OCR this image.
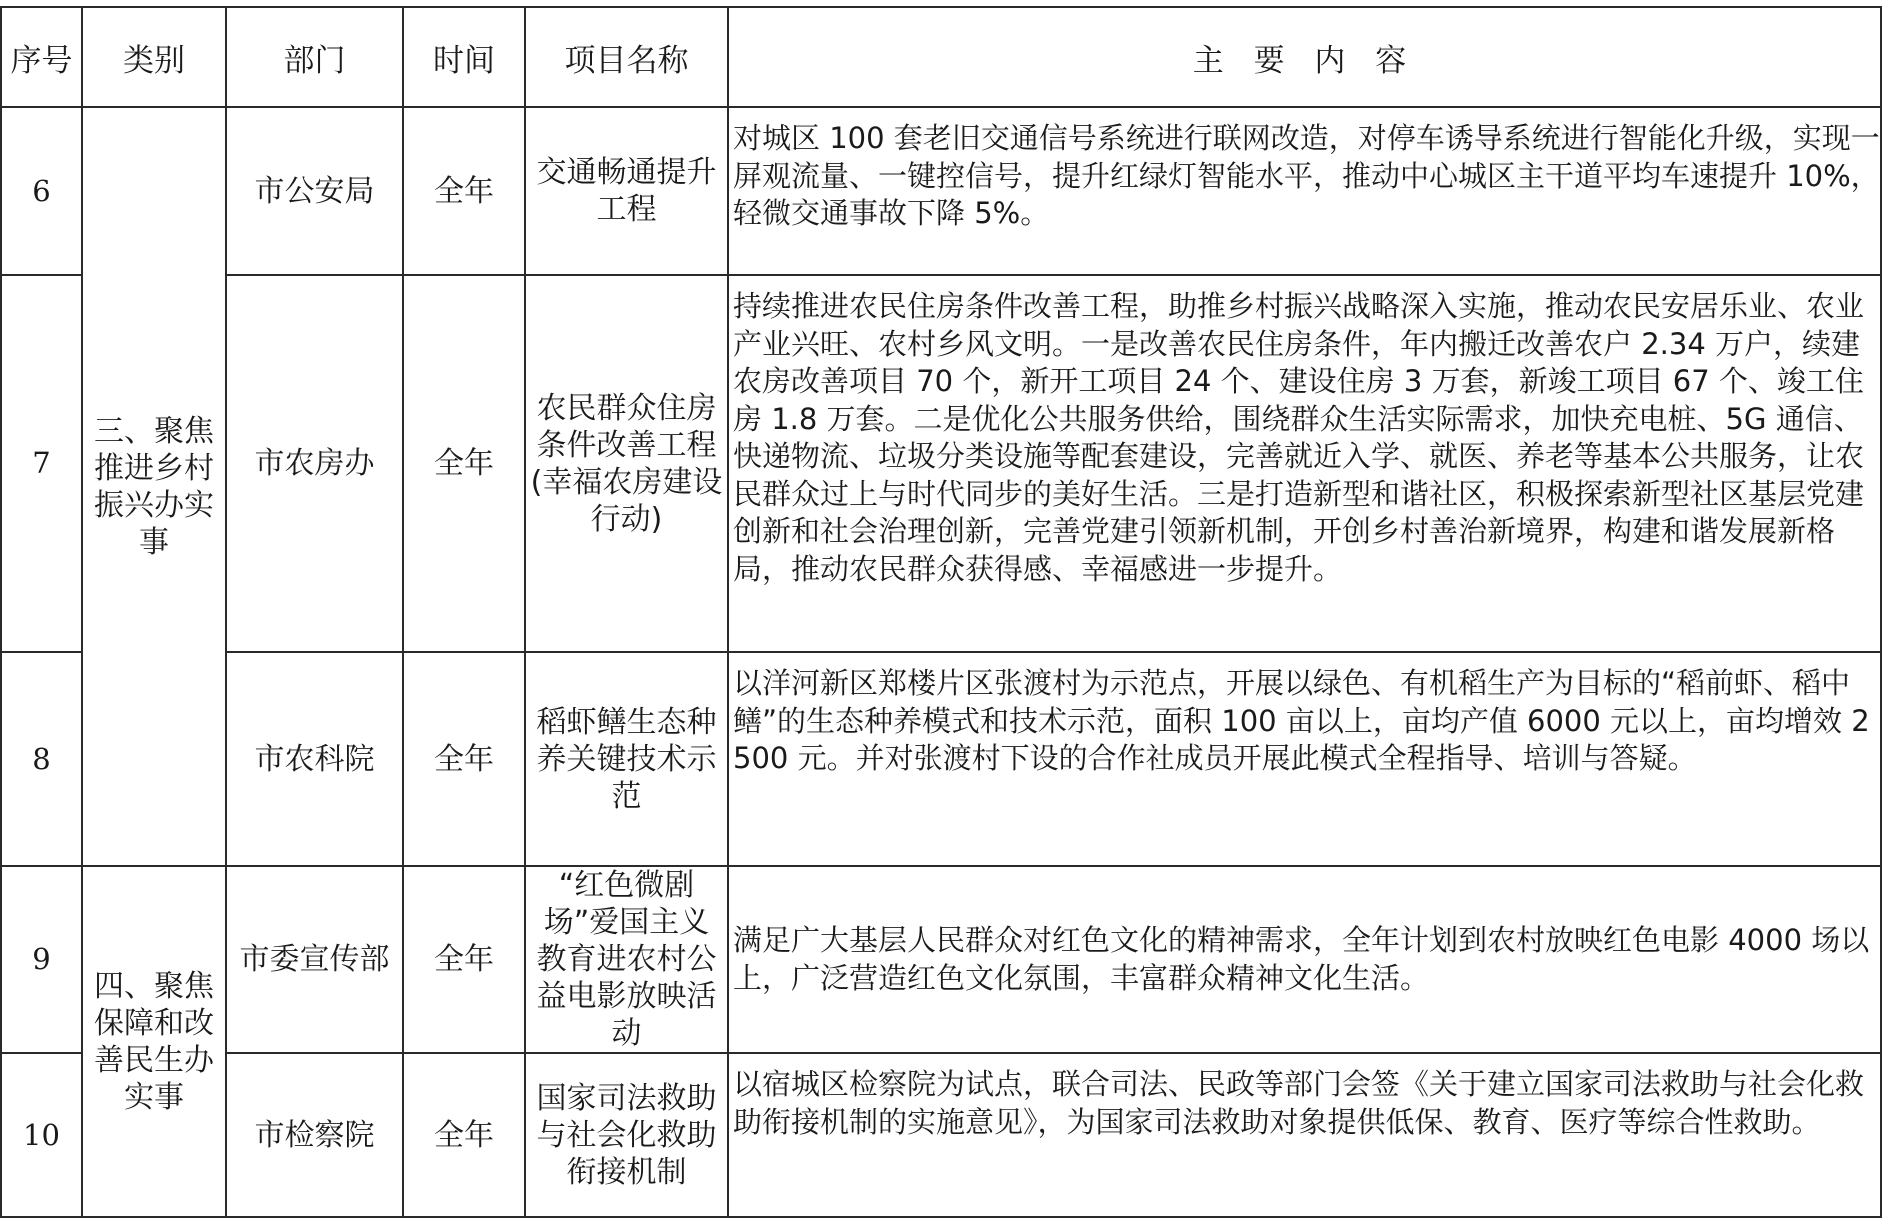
序号	类别	部门	时间	项目名称	主 要 内 容
6	三、聚焦推进乡村振兴办实事	市公安局	全年	交通畅通提升工程	对城区 100 套老旧交通信号系统进行联网改造，对停车诱导系统进行智能化升级，实现一屏观流量、一键控信号，提升红绿灯智能水平，推动中心城区主干道平均车速提升 10%，轻微交通事故下降 5%。
7		市农房办	全年	农民群众住房条件改善工程(幸福农房建设行动)	持续推进农民住房条件改善工程，助推乡村振兴战略深入实施，推动农民安居乐业、农业产业兴旺、农村乡风文明。一是改善农民住房条件，年内搬迁改善农户 2.34 万户，续建农房改善项目 70 个，新开工项目 24 个、建设住房 3 万套，新竣工项目 67 个、竣工住房 1.8 万套。二是优化公共服务供给，围绕群众生活实际需求，加快充电桩、5G 通信、快递物流、垃圾分类设施等配套建设，完善就近入学、就医、养老等基本公共服务，让农民群众过上与时代同步的美好生活。三是打造新型和谐社区，积极探索新型社区基层党建创新和社会治理创新，完善党建引领新机制，开创乡村善治新境界，构建和谐发展新格局，推动农民群众获得感、幸福感进一步提升。
8		市农科院	全年	稻虾鳝生态种养关键技术示范	以洋河新区郑楼片区张渡村为示范点，开展以绿色、有机稻生产为目标的“稻前虾、稻中鳝”的生态种养模式和技术示范，面积 100 亩以上，亩均产值 6000 元以上，亩均增效 2500 元。并对张渡村下设的合作社成员开展此模式全程指导、培训与答疑。
9	四、聚焦保障和改善民生办实事	市委宣传部	全年	“红色微剧场”爱国主义教育进农村公益电影放映活动	满足广大基层人民群众对红色文化的精神需求，全年计划到农村放映红色电影 4000 场以上，广泛营造红色文化氛围，丰富群众精神文化生活。
10		市检察院	全年	国家司法救助与社会化救助衔接机制	以宿城区检察院为试点，联合司法、民政等部门会签《关于建立国家司法救助与社会化救助衔接机制的实施意见》，为国家司法救助对象提供低保、教育、医疗等综合性救助。
